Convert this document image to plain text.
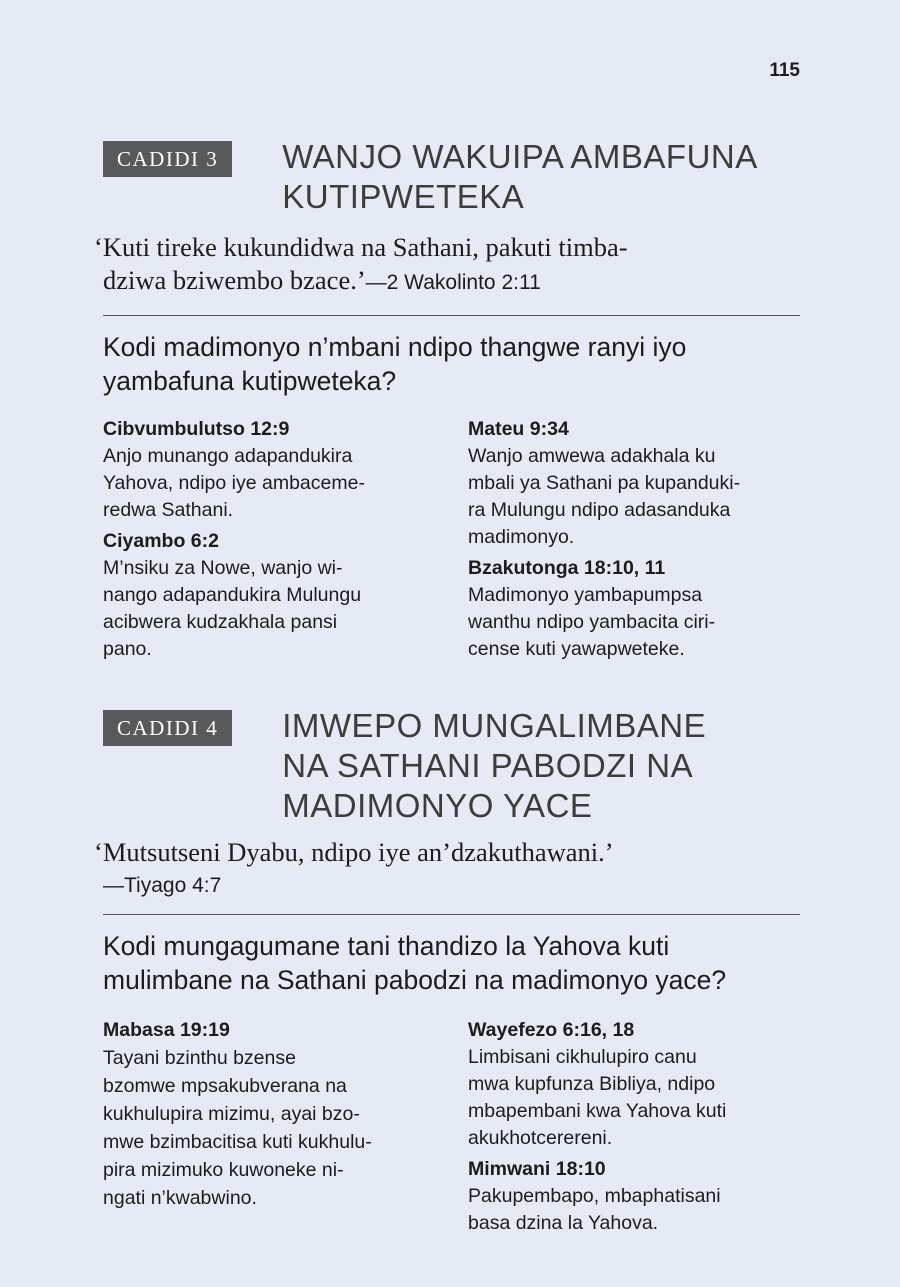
115
CADIDI 3	WANJO WAKUIPA AMBAFUNA
KUTIPWETEKA
‘Kuti tireke kukundidwa na Sathani, pakuti timba-
dziwa bziwembo bzace.’—2 Wakolinto 2:11
Kodi madimonyo n’mbani ndipo thangwe ranyi iyo
yambafuna kutipweteka?
Cibvumbulutso 12:9
Anjo munango adapandukira
Yahova, ndipo iye ambaceme-
redwa Sathani.
Ciyambo 6:2
M’nsiku za Nowe, wanjo wi-
nango adapandukira Mulungu
acibwera kudzakhala pansi
pano.
Mateu 9:34
Wanjo amwewa adakhala ku
mbali ya Sathani pa kupanduki-
ra Mulungu ndipo adasanduka
madimonyo.
Bzakutonga 18:10, 11
Madimonyo yambapumpsa
wanthu ndipo yambacita ciri-
cense kuti yawapweteke.
CADIDI 4	IMWEPO MUNGALIMBANE
NA SATHANI PABODZI NA
MADIMONYO YACE
‘Mutsutseni Dyabu, ndipo iye an’dzakuthawani.’
—Tiyago 4:7
Kodi mungagumane tani thandizo la Yahova kuti
mulimbane na Sathani pabodzi na madimonyo yace?
Mabasa 19:19
Tayani bzinthu bzense
bzomwe mpsakubverana na
kukhulupira mizimu, ayai bzo-
mwe bzimbacitisa kuti kukhulu-
pira mizimuko kuwoneke ni-
ngati n’kwabwino.
Wayefezo 6:16, 18
Limbisani cikhulupiro canu
mwa kupfunza Bibliya, ndipo
mbapembani kwa Yahova kuti
akukhotcerereni.
Mimwani 18:10
Pakupembapo, mbaphatisani
basa dzina la Yahova.
